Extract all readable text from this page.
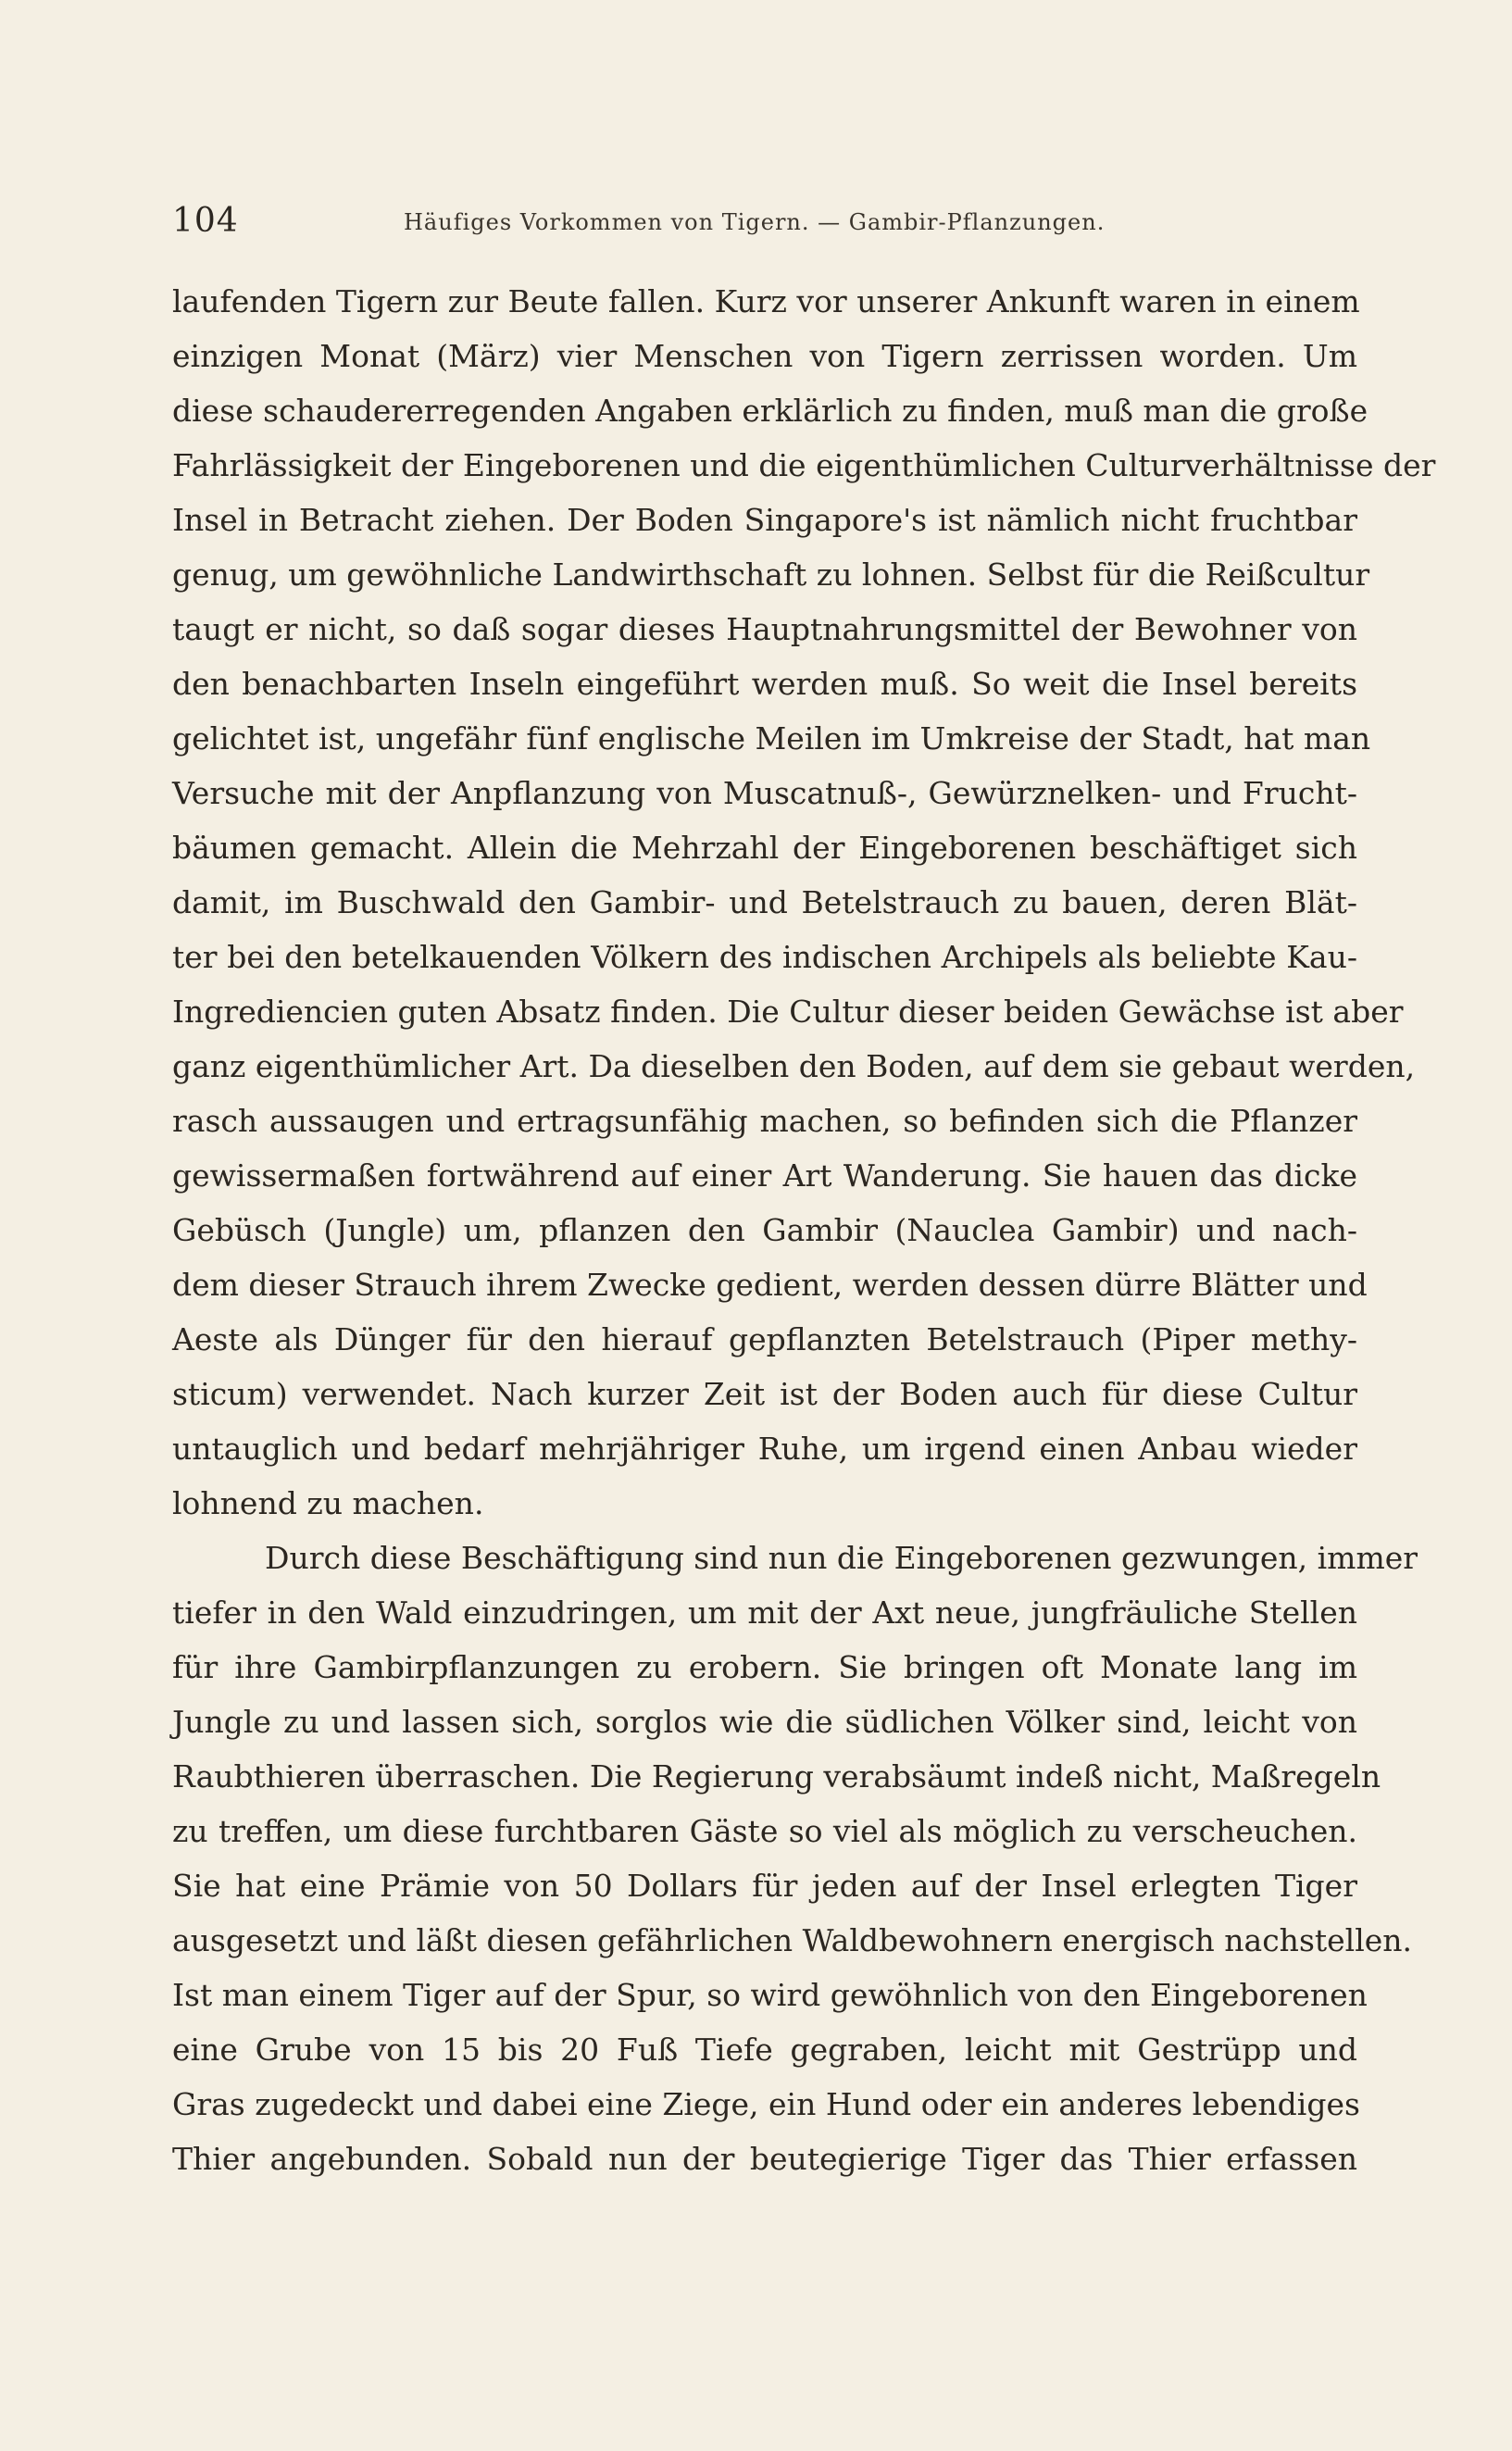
104	Häufiges Vorkommen von Tigern. — Gambir-Pflanzungen.
laufenden Tigern zur Beute fallen. Kurz vor unserer Ankunft waren in einem
einzigen Monat (März) vier Menschen von Tigern zerrissen worden. Um
diese schaudererregenden Angaben erklärlich zu finden, muß man die große
Fahrlässigkeit der Eingeborenen und die eigenthümlichen Culturverhältnisse der
Insel in Betracht ziehen. Der Boden Singapore's ist nämlich nicht fruchtbar
genug, um gewöhnliche Landwirthschaft zu lohnen. Selbst für die Reißcultur
taugt er nicht, so daß sogar dieses Hauptnahrungsmittel der Bewohner von
den benachbarten Inseln eingeführt werden muß. So weit die Insel bereits
gelichtet ist, ungefähr fünf englische Meilen im Umkreise der Stadt, hat man
Versuche mit der Anpflanzung von Muscatnuß-, Gewürznelken- und Frucht-
bäumen gemacht. Allein die Mehrzahl der Eingeborenen beschäftiget sich
damit, im Buschwald den Gambir- und Betelstrauch zu bauen, deren Blät-
ter bei den betelkauenden Völkern des indischen Archipels als beliebte Kau-
Ingrediencien guten Absatz finden. Die Cultur dieser beiden Gewächse ist aber
ganz eigenthümlicher Art. Da dieselben den Boden, auf dem sie gebaut werden,
rasch aussaugen und ertragsunfähig machen, so befinden sich die Pflanzer
gewissermaßen fortwährend auf einer Art Wanderung. Sie hauen das dicke
Gebüsch (Jungle) um, pflanzen den Gambir (Nauclea Gambir) und nach-
dem dieser Strauch ihrem Zwecke gedient, werden dessen dürre Blätter und
Aeste als Dünger für den hierauf gepflanzten Betelstrauch (Piper methy-
sticum) verwendet. Nach kurzer Zeit ist der Boden auch für diese Cultur
untauglich und bedarf mehrjähriger Ruhe, um irgend einen Anbau wieder
lohnend zu machen.
Durch diese Beschäftigung sind nun die Eingeborenen gezwungen, immer
tiefer in den Wald einzudringen, um mit der Axt neue, jungfräuliche Stellen
für ihre Gambirpflanzungen zu erobern. Sie bringen oft Monate lang im
Jungle zu und lassen sich, sorglos wie die südlichen Völker sind, leicht von
Raubthieren überraschen. Die Regierung verabsäumt indeß nicht, Maßregeln
zu treffen, um diese furchtbaren Gäste so viel als möglich zu verscheuchen.
Sie hat eine Prämie von 50 Dollars für jeden auf der Insel erlegten Tiger
ausgesetzt und läßt diesen gefährlichen Waldbewohnern energisch nachstellen.
Ist man einem Tiger auf der Spur, so wird gewöhnlich von den Eingeborenen
eine Grube von 15 bis 20 Fuß Tiefe gegraben, leicht mit Gestrüpp und
Gras zugedeckt und dabei eine Ziege, ein Hund oder ein anderes lebendiges
Thier angebunden. Sobald nun der beutegierige Tiger das Thier erfassen
